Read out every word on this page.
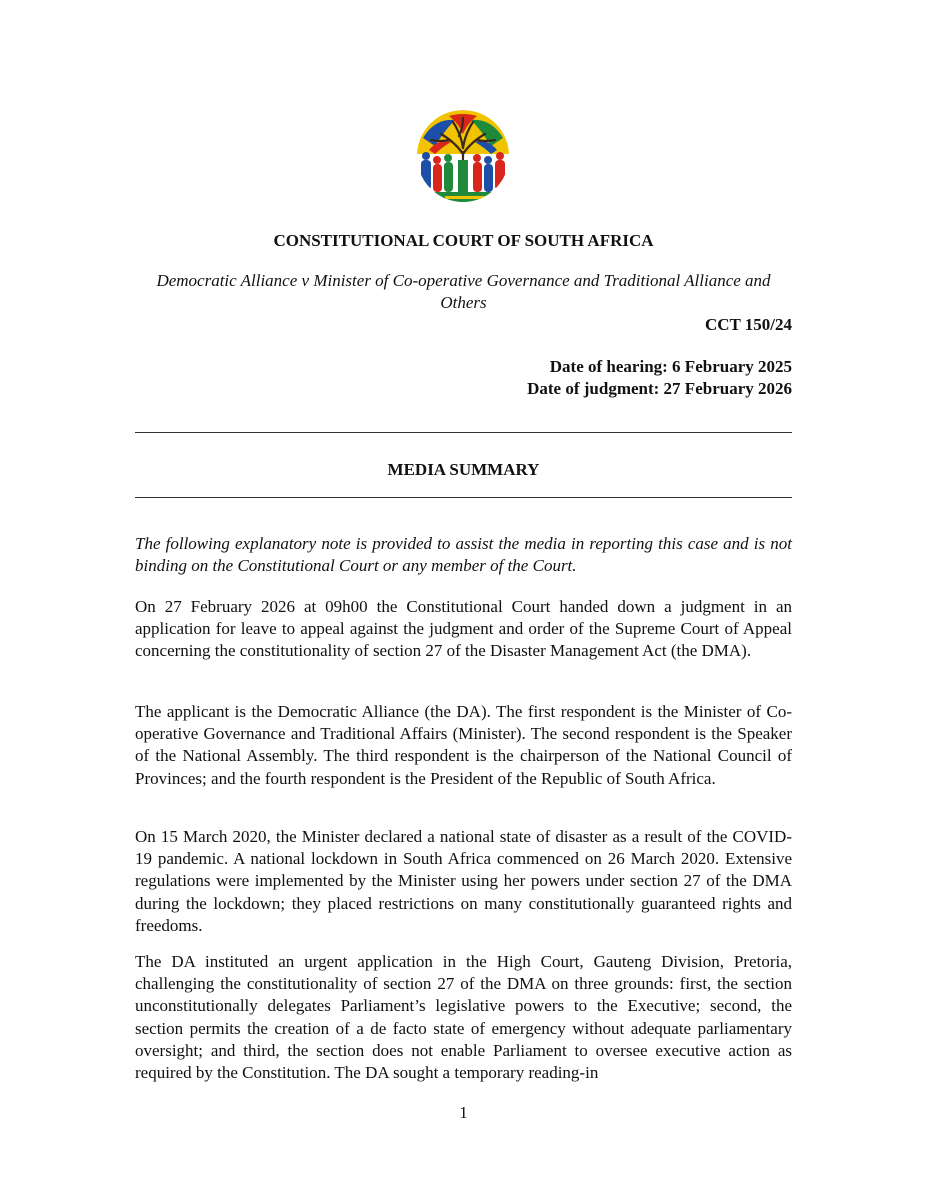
CONSTITUTIONAL COURT OF SOUTH AFRICA

Democratic Alliance v Minister of Co-operative Governance and Traditional Alliance and Others

CCT 150/24

Date of hearing: 6 February 2025
Date of judgment: 27 February 2026

MEDIA SUMMARY

The following explanatory note is provided to assist the media in reporting this case and is not binding on the Constitutional Court or any member of the Court.

On 27 February 2026 at 09h00 the Constitutional Court handed down a judgment in an application for leave to appeal against the judgment and order of the Supreme Court of Appeal concerning the constitutionality of section 27 of the Disaster Management Act (the DMA).

The applicant is the Democratic Alliance (the DA). The first respondent is the Minister of Co-operative Governance and Traditional Affairs (Minister). The second respondent is the Speaker of the National Assembly. The third respondent is the chairperson of the National Council of Provinces; and the fourth respondent is the President of the Republic of South Africa.

On 15 March 2020, the Minister declared a national state of disaster as a result of the COVID-19 pandemic. A national lockdown in South Africa commenced on 26 March 2020. Extensive regulations were implemented by the Minister using her powers under section 27 of the DMA during the lockdown; they placed restrictions on many constitutionally guaranteed rights and freedoms.

The DA instituted an urgent application in the High Court, Gauteng Division, Pretoria, challenging the constitutionality of section 27 of the DMA on three grounds: first, the section unconstitutionally delegates Parliament’s legislative powers to the Executive; second, the section permits the creation of a de facto state of emergency without adequate parliamentary oversight; and third, the section does not enable Parliament to oversee executive action as required by the Constitution. The DA sought a temporary reading-in

1
